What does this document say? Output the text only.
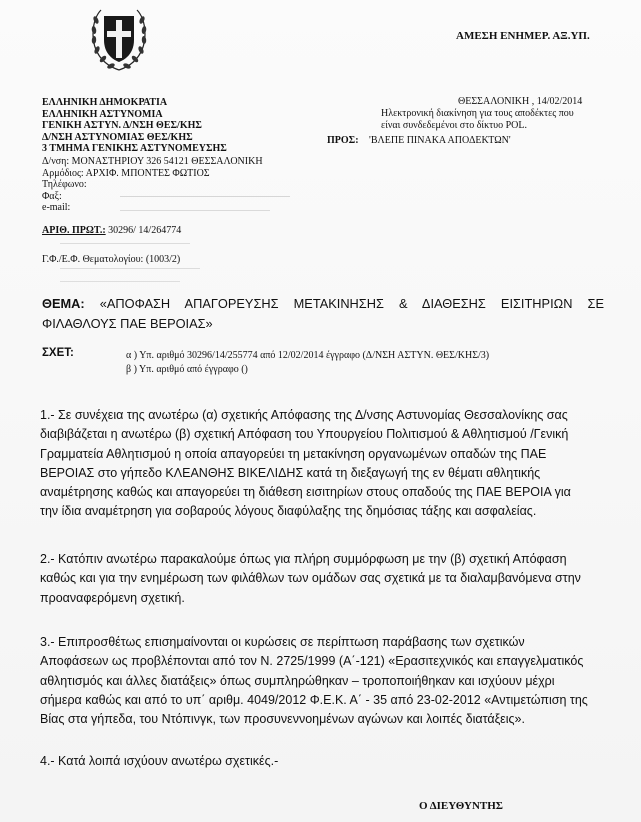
ΑΜΕΣΗ ΕΝΗΜΕΡ. ΑΞ.ΥΠ.
ΕΛΛΗΝΙΚΗ ΔΗΜΟΚΡΑΤΙΑ
ΕΛΛΗΝΙΚΗ ΑΣΤΥΝΟΜΙΑ
ΓΕΝΙΚΗ ΑΣΤΥΝ. Δ/ΝΣΗ ΘΕΣ/ΚΗΣ
Δ/ΝΣΗ ΑΣΤΥΝΟΜΙΑΣ ΘΕΣ/ΚΗΣ
3 ΤΜΗΜΑ ΓΕΝΙΚΗΣ ΑΣΤΥΝΟΜΕΥΣΗΣ
Δ/νση: ΜΟΝΑΣΤΗΡΙΟΥ 326 54121 ΘΕΣΣΑΛΟΝΙΚΗ
Αρμόδιος: ΑΡΧΙΦ. ΜΠΟΝΤΕΣ ΦΩΤΙΟΣ
Τηλέφωνο:
Φαξ:
e-mail:
ΑΡΙΘ. ΠΡΩΤ.: 30296/ 14/264774
Γ.Φ./Ε.Φ. Θεματολογίου: (1003/2)
ΘΕΣΣΑΛΟΝΙΚΗ , 14/02/2014
Ηλεκτρονική διακίνηση για τους αποδέκτες που
είναι συνδεδεμένοι στο δίκτυο POL.
ΠΡΟΣ: 'ΒΛΕΠΕ ΠΙΝΑΚΑ ΑΠΟΔΕΚΤΩΝ'
ΘΕΜΑ: «ΑΠΟΦΑΣΗ ΑΠΑΓΟΡΕΥΣΗΣ ΜΕΤΑΚΙΝΗΣΗΣ & ΔΙΑΘΕΣΗΣ ΕΙΣΙΤΗΡΙΩΝ ΣΕ
ΦΙΛΑΘΛΟΥΣ ΠΑΕ ΒΕΡΟΙΑΣ»
ΣΧΕΤ:	α ) Υπ. αριθμό 30296/14/255774 από 12/02/2014 έγγραφο (Δ/ΝΣΗ ΑΣΤΥΝ. ΘΕΣ/ΚΗΣ/3)
β ) Υπ. αριθμό από έγγραφο ()
1.- Σε συνέχεια της ανωτέρω (α) σχετικής Απόφασης της Δ/νσης Αστυνομίας Θεσσαλονίκης σας
διαβιβάζεται η ανωτέρω (β) σχετική Απόφαση του Υπουργείου Πολιτισμού & Αθλητισμού /Γενική
Γραμματεία Αθλητισμού η οποία απαγορεύει τη μετακίνηση οργανωμένων οπαδών της ΠΑΕ
ΒΕΡΟΙΑΣ στο γήπεδο ΚΛΕΑΝΘΗΣ ΒΙΚΕΛΙΔΗΣ κατά τη διεξαγωγή της εν θέματι αθλητικής
αναμέτρησης καθώς και απαγορεύει τη διάθεση εισιτηρίων στους οπαδούς της ΠΑΕ ΒΕΡΟΙΑ για
την ίδια αναμέτρηση για σοβαρούς λόγους διαφύλαξης της δημόσιας τάξης και ασφαλείας.
2.- Κατόπιν ανωτέρω παρακαλούμε όπως για πλήρη συμμόρφωση με την (β) σχετική Απόφαση
καθώς και για την ενημέρωση των φιλάθλων των ομάδων σας σχετικά με τα διαλαμβανόμενα στην
προαναφερόμενη σχετική.
3.- Επιπροσθέτως επισημαίνονται οι κυρώσεις σε περίπτωση παράβασης των σχετικών
Αποφάσεων ως προβλέπονται από τον Ν. 2725/1999 (Α΄-121) «Ερασιτεχνικός και επαγγελματικός
αθλητισμός και άλλες διατάξεις» όπως συμπληρώθηκαν – τροποποιήθηκαν και ισχύουν μέχρι
σήμερα καθώς και από το υπ΄ αριθμ. 4049/2012 Φ.Ε.Κ. Α΄ - 35 από 23-02-2012 «Αντιμετώπιση της
Βίας στα γήπεδα, του Ντόπινγκ, των προσυνεννοημένων αγώνων και λοιπές διατάξεις».
4.- Κατά λοιπά ισχύουν ανωτέρω σχετικές.-
Ο ΔΙΕΥΘΥΝΤΗΣ
